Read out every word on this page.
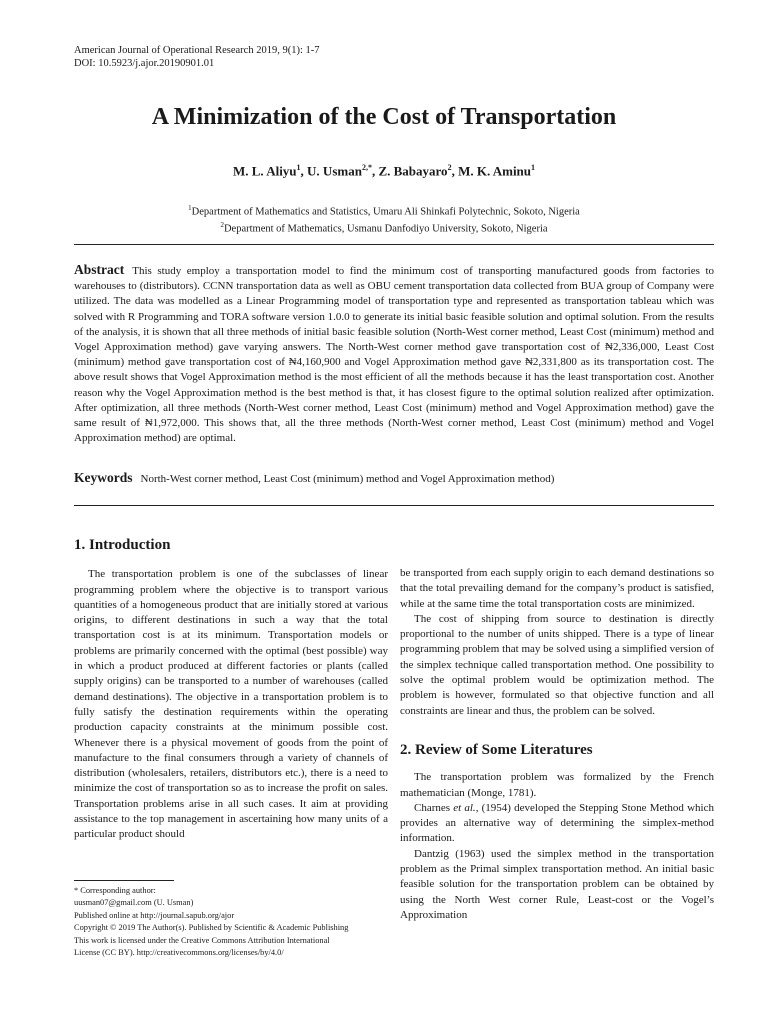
American Journal of Operational Research 2019, 9(1): 1-7
DOI: 10.5923/j.ajor.20190901.01
A Minimization of the Cost of Transportation
M. L. Aliyu$^1$, U. Usman$^{2,*}$, Z. Babayaro$^2$, M. K. Aminu$^1$
$^1$Department of Mathematics and Statistics, Umaru Ali Shinkafi Polytechnic, Sokoto, Nigeria
$^2$Department of Mathematics, Usmanu Danfodiyo University, Sokoto, Nigeria
Abstract This study employ a transportation model to find the minimum cost of transporting manufactured goods from factories to warehouses to (distributors). CCNN transportation data as well as OBU cement transportation data collected from BUA group of Company were utilized. The data was modelled as a Linear Programming model of transportation type and represented as transportation tableau which was solved with R Programming and TORA software version 1.0.0 to generate its initial basic feasible solution and optimal solution. From the results of the analysis, it is shown that all three methods of initial basic feasible solution (North-West corner method, Least Cost (minimum) method and Vogel Approximation method) gave varying answers. The North-West corner method gave transportation cost of ₦2,336,000, Least Cost (minimum) method gave transportation cost of ₦4,160,900 and Vogel Approximation method gave ₦2,331,800 as its transportation cost. The above result shows that Vogel Approximation method is the most efficient of all the methods because it has the least transportation cost. Another reason why the Vogel Approximation method is the best method is that, it has closest figure to the optimal solution realized after optimization. After optimization, all three methods (North-West corner method, Least Cost (minimum) method and Vogel Approximation method) gave the same result of ₦1,972,000. This shows that, all the three methods (North-West corner method, Least Cost (minimum) method and Vogel Approximation method) are optimal.
Keywords North-West corner method, Least Cost (minimum) method and Vogel Approximation method)
1. Introduction

The transportation problem is one of the subclasses of linear programming problem where the objective is to transport various quantities of a homogeneous product that are initially stored at various origins, to different destinations in such a way that the total transportation cost is at its minimum. Transportation models or problems are primarily concerned with the optimal (best possible) way in which a product produced at different factories or plants (called supply origins) can be transported to a number of warehouses (called demand destinations). The objective in a transportation problem is to fully satisfy the destination requirements within the operating production capacity constraints at the minimum possible cost. Whenever there is a physical movement of goods from the point of manufacture to the final consumers through a variety of channels of distribution (wholesalers, retailers, distributors etc.), there is a need to minimize the cost of transportation so as to increase the profit on sales. Transportation problems arise in all such cases. It aim at providing assistance to the top management in ascertaining how many units of a particular product should

be transported from each supply origin to each demand destinations so that the total prevailing demand for the company’s product is satisfied, while at the same time the total transportation costs are minimized.

The cost of shipping from source to destination is directly proportional to the number of units shipped. There is a type of linear programming problem that may be solved using a simplified version of the simplex technique called transportation method. One possibility to solve the optimal problem would be optimization method. The problem is however, formulated so that objective function and all constraints are linear and thus, the problem can be solved.

2. Review of Some Literatures

The transportation problem was formalized by the French mathematician (Monge, 1781).

Charnes et al., (1954) developed the Stepping Stone Method which provides an alternative way of determining the simplex-method information.

Dantzig (1963) used the simplex method in the transportation problem as the Primal simplex transportation method. An initial basic feasible solution for the transportation problem can be obtained by using the North West corner Rule, Least-cost or the Vogel’s Approximation

* Corresponding author:
uusman07@gmail.com (U. Usman)
Published online at http://journal.sapub.org/ajor
Copyright © 2019 The Author(s). Published by Scientific & Academic Publishing
This work is licensed under the Creative Commons Attribution International
License (CC BY). http://creativecommons.org/licenses/by/4.0/
